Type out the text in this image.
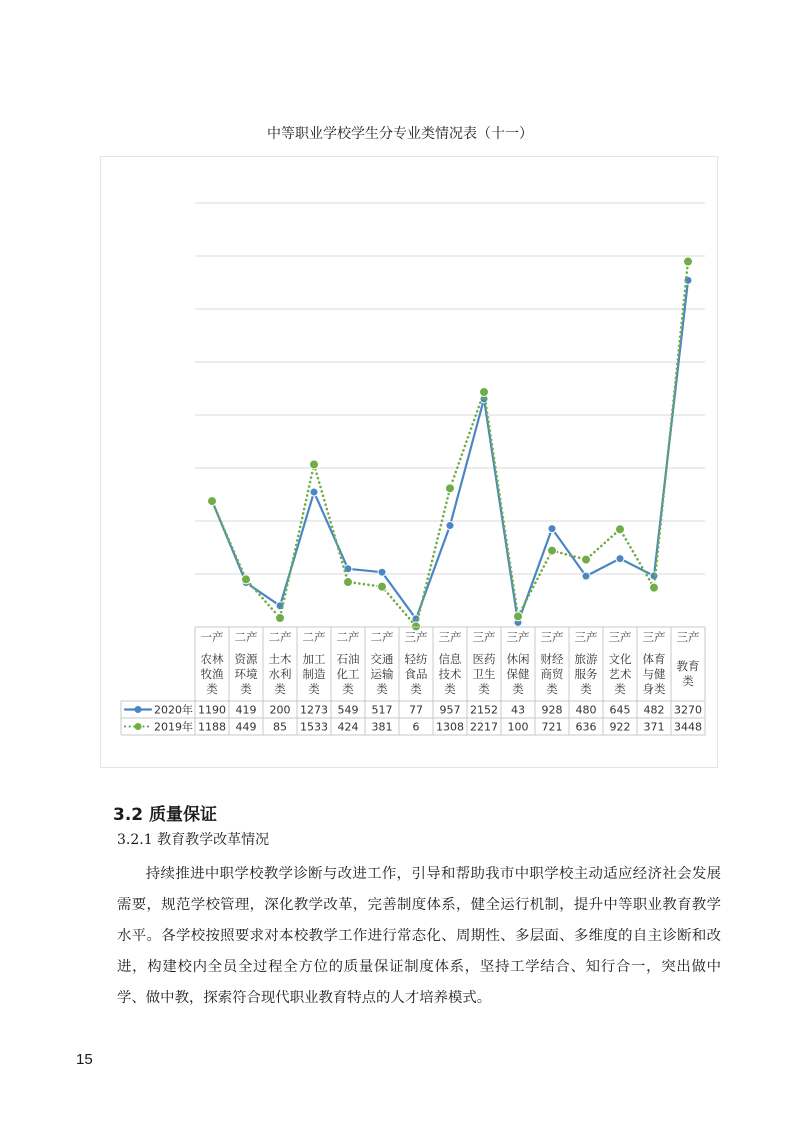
中等职业学校学生分专业类情况表（十一）
一产
农林
牧渔
类
二产
资源
环境
类
二产
土木
水利
类
二产
加工
制造
类
二产
石油
化工
类
二产
交通
运输
类
三产
轻纺
食品
类
三产
信息
技术
类
三产
医药
卫生
类
三产
休闲
保健
类
三产
财经
商贸
类
三产
旅游
服务
类
三产
文化
艺术
类
三产
体育
与健
身类
三产
教育
类
2020年 1190 419 200 1273 549 517 77 957 2152 43 928 480 645 482 3270
2019年 1188 449 85 1533 424 381 6 1308 2217 100 721 636 922 371 3448
3.2 质量保证
3.2.1 教育教学改革情况
持续推进中职学校教学诊断与改进工作，引导和帮助我市中职学校主动适应经济社会发展需要，规范学校管理，深化教学改革，完善制度体系，健全运行机制，提升中等职业教育教学水平。各学校按照要求对本校教学工作进行常态化、周期性、多层面、多维度的自主诊断和改进，构建校内全员全过程全方位的质量保证制度体系，坚持工学结合、知行合一，突出做中学、做中教，探索符合现代职业教育特点的人才培养模式。
15
